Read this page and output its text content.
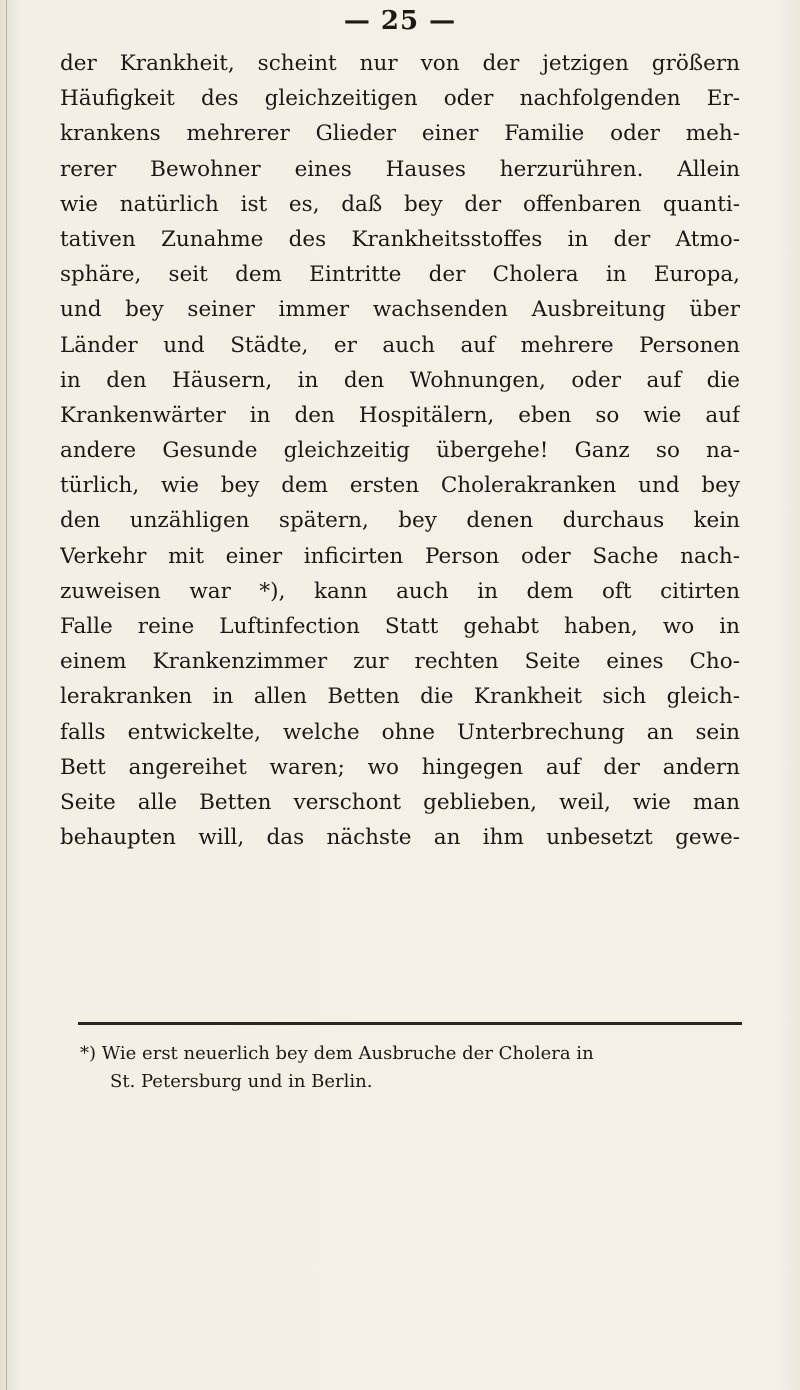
— 25 —
der Krankheit, scheint nur von der jetzigen größern
Häufigkeit des gleichzeitigen oder nachfolgenden Er-
krankens mehrerer Glieder einer Familie oder meh-
rerer Bewohner eines Hauses herzurühren. Allein
wie natürlich ist es, daß bey der offenbaren quanti-
tativen Zunahme des Krankheitsstoffes in der Atmo-
sphäre, seit dem Eintritte der Cholera in Europa,
und bey seiner immer wachsenden Ausbreitung über
Länder und Städte, er auch auf mehrere Personen
in den Häusern, in den Wohnungen, oder auf die
Krankenwärter in den Hospitälern, eben so wie auf
andere Gesunde gleichzeitig übergehe! Ganz so na-
türlich, wie bey dem ersten Cholerakranken und bey
den unzähligen spätern, bey denen durchaus kein
Verkehr mit einer inficirten Person oder Sache nach-
zuweisen war *), kann auch in dem oft citirten
Falle reine Luftinfection Statt gehabt haben, wo in
einem Krankenzimmer zur rechten Seite eines Cho-
lerakranken in allen Betten die Krankheit sich gleich-
falls entwickelte, welche ohne Unterbrechung an sein
Bett angereihet waren; wo hingegen auf der andern
Seite alle Betten verschont geblieben, weil, wie man
behaupten will, das nächste an ihm unbesetzt gewe-
*) Wie erst neuerlich bey dem Ausbruche der Cholera in
St. Petersburg und in Berlin.
